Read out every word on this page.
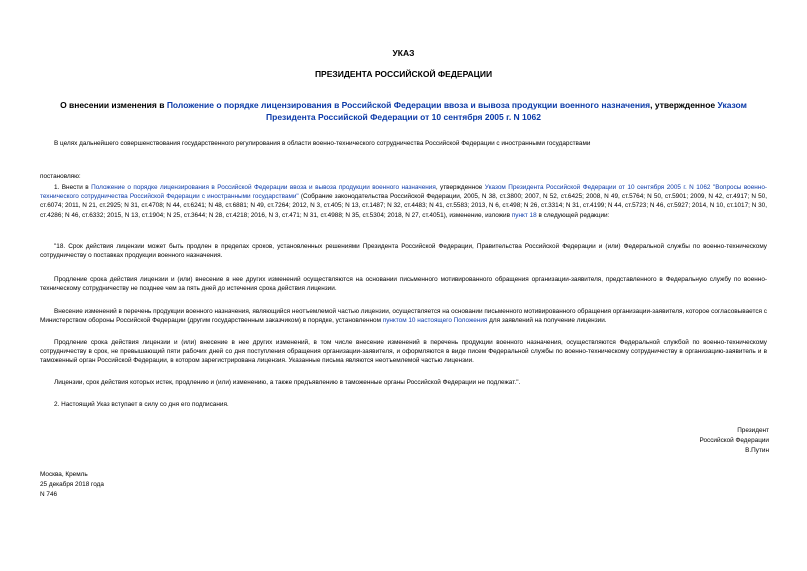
УКАЗ
ПРЕЗИДЕНТА РОССИЙСКОЙ ФЕДЕРАЦИИ
О внесении изменения в Положение о порядке лицензирования в Российской Федерации ввоза и вывоза продукции военного назначения, утвержденное Указом Президента Российской Федерации от 10 сентября 2005 г. N 1062
В целях дальнейшего совершенствования государственного регулирования в области военно-технического сотрудничества Российской Федерации с иностранными государствами
постановляю:
1. Внести в Положение о порядке лицензирования в Российской Федерации ввоза и вывоза продукции военного назначения, утвержденное Указом Президента Российской Федерации от 10 сентября 2005 г. N 1062 "Вопросы военно-технического сотрудничества Российской Федерации с иностранными государствами" (Собрание законодательства Российской Федерации, 2005, N 38, ст.3800; 2007, N 52, ст.6425; 2008, N 49, ст.5764; N 50, ст.5901; 2009, N 42, ст.4917; N 50, ст.6074; 2011, N 21, ст.2925; N 31, ст.4708; N 44, ст.6241; N 48, ст.6881; N 49, ст.7264; 2012, N 3, ст.405; N 13, ст.1487; N 32, ст.4483; N 41, ст.5583; 2013, N 6, ст.498; N 26, ст.3314; N 31, ст.4199; N 44, ст.5723; N 46, ст.5927; 2014, N 10, ст.1017; N 30, ст.4286; N 46, ст.6332; 2015, N 13, ст.1904; N 25, ст.3644; N 28, ст.4218; 2016, N 3, ст.471; N 31, ст.4988; N 35, ст.5304; 2018, N 27, ст.4051), изменение, изложив пункт 18 в следующей редакции:
"18. Срок действия лицензии может быть продлен в пределах сроков, установленных решениями Президента Российской Федерации, Правительства Российской Федерации и (или) Федеральной службы по военно-техническому сотрудничеству о поставках продукции военного назначения.
Продление срока действия лицензии и (или) внесение в нее других изменений осуществляются на основании письменного мотивированного обращения организации-заявителя, представленного в Федеральную службу по военно-техническому сотрудничеству не позднее чем за пять дней до истечения срока действия лицензии.
Внесение изменений в перечень продукции военного назначения, являющийся неотъемлемой частью лицензии, осуществляется на основании письменного мотивированного обращения организации-заявителя, которое согласовывается с Министерством обороны Российской Федерации (другим государственным заказчиком) в порядке, установленном пунктом 10 настоящего Положения для заявлений на получение лицензии.
Продление срока действия лицензии и (или) внесение в нее других изменений, в том числе внесение изменений в перечень продукции военного назначения, осуществляются Федеральной службой по военно-техническому сотрудничеству в срок, не превышающий пяти рабочих дней со дня поступления обращения организации-заявителя, и оформляются в виде писем Федеральной службы по военно-техническому сотрудничеству в организацию-заявитель и в таможенный орган Российской Федерации, в котором зарегистрирована лицензия. Указанные письма являются неотъемлемой частью лицензии.
Лицензии, срок действия которых истек, продлению и (или) изменению, а также предъявлению в таможенные органы Российской Федерации не подлежат.".
2. Настоящий Указ вступает в силу со дня его подписания.
Президент
Российской Федерации
В.Путин
Москва, Кремль
25 декабря 2018 года
N 746
